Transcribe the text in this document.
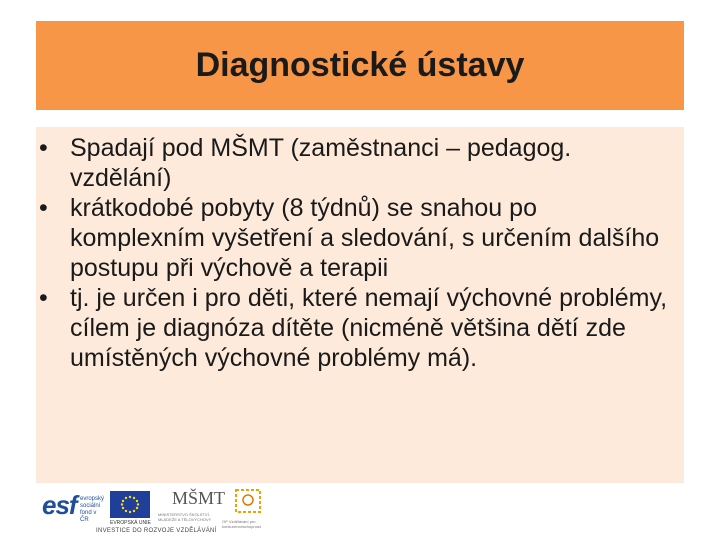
Diagnostické ústavy
• Spadají pod MŠMT (zaměstnanci – pedagog. vzdělání)
• krátkodobé pobyty (8 týdnů) se snahou po komplexním vyšetření a sledování, s určením dalšího postupu při výchově a terapii
• tj. je určen i pro děti, které nemají výchovné problémy, cílem je diagnóza dítěte (nicméně většina dětí zde umístěných výchovné problémy má).
esf evropský sociální fond v ČR	EVROPSKÁ UNIE
MŠMT
MINISTERSTVO ŠKOLSTVÍ, MLÁDEŽE A TĚLOVÝCHOVY	OP Vzdělávání pro konkurenceschopnost
INVESTICE DO ROZVOJE VZDĚLÁVÁNÍ
